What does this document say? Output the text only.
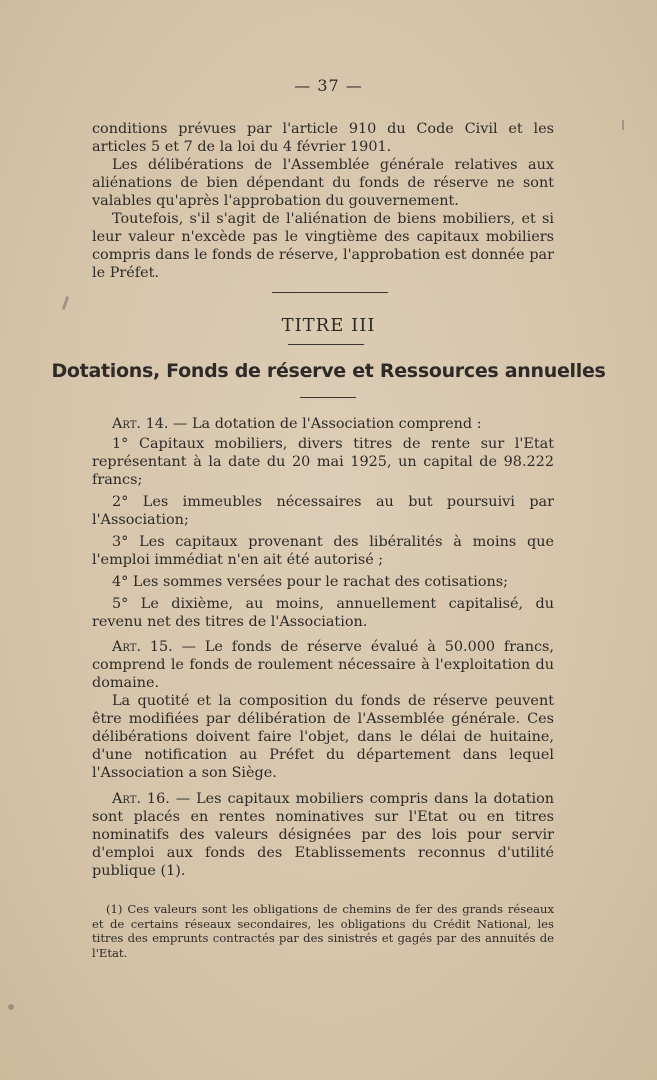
— 37 —

conditions prévues par l'article 910 du Code Civil et les articles 5 et 7 de la loi du 4 février 1901.

Les délibérations de l'Assemblée générale relatives aux aliénations de bien dépendant du fonds de réserve ne sont valables qu'après l'approbation du gouvernement.

Toutefois, s'il s'agit de l'aliénation de biens mobiliers, et si leur valeur n'excède pas le vingtième des capitaux mobiliers compris dans le fonds de réserve, l'approbation est donnée par le Préfet.

TITRE III
Dotations, Fonds de réserve et Ressources annuelles

Art. 14. — La dotation de l'Association comprend :

1° Capitaux mobiliers, divers titres de rente sur l'Etat représentant à la date du 20 mai 1925, un capital de 98.222 francs;

2° Les immeubles nécessaires au but poursuivi par l'Association;

3° Les capitaux provenant des libéralités à moins que l'emploi immédiat n'en ait été autorisé ;

4° Les sommes versées pour le rachat des cotisations;

5° Le dixième, au moins, annuellement capitalisé, du revenu net des titres de l'Association.

Art. 15. — Le fonds de réserve évalué à 50.000 francs, comprend le fonds de roulement nécessaire à l'exploitation du domaine.

La quotité et la composition du fonds de réserve peuvent être modifiées par délibération de l'Assemblée générale. Ces délibérations doivent faire l'objet, dans le délai de huitaine, d'une notification au Préfet du département dans lequel l'Association a son Siège.

Art. 16. — Les capitaux mobiliers compris dans la dotation sont placés en rentes nominatives sur l'Etat ou en titres nominatifs des valeurs désignées par des lois pour servir d'emploi aux fonds des Etablissements reconnus d'utilité publique (1).

(1) Ces valeurs sont les obligations de chemins de fer des grands réseaux et de certains réseaux secondaires, les obligations du Crédit National, les titres des emprunts contractés par des sinistrés et gagés par des annuités de l'Etat.
